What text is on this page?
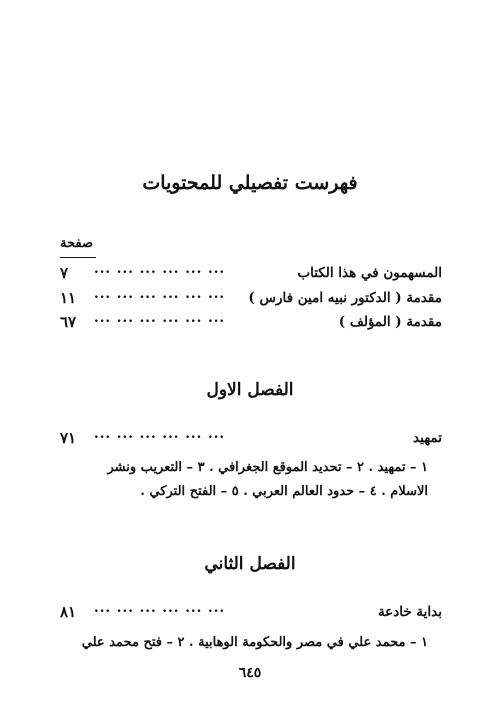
فهرست تفصيلي للمحتويات
صفحة
المسهمون في هذا الكتاب
... ... ... ... ... ...
٧
مقدمة ( الدكتور نبيه امين فارس )
... ... ... ... ... ...
١١
مقدمة ( المؤلف )
... ... ... ... ... ...
٦٧
الفصل الاول
تمهيد
... ... ... ... ... ...
٧١
١ – تمهيد . ٢ – تحديد الموقع الجغرافي . ٣ – التعريب ونشر
الاسلام . ٤ – حدود العالم العربي . ٥ – الفتح التركي .
الفصل الثاني
بداية خادعة
... ... ... ... ... ...
٨١
١ – محمد علي في مصر والحكومة الوهابية . ٢ – فتح محمد علي
٦٤٥
